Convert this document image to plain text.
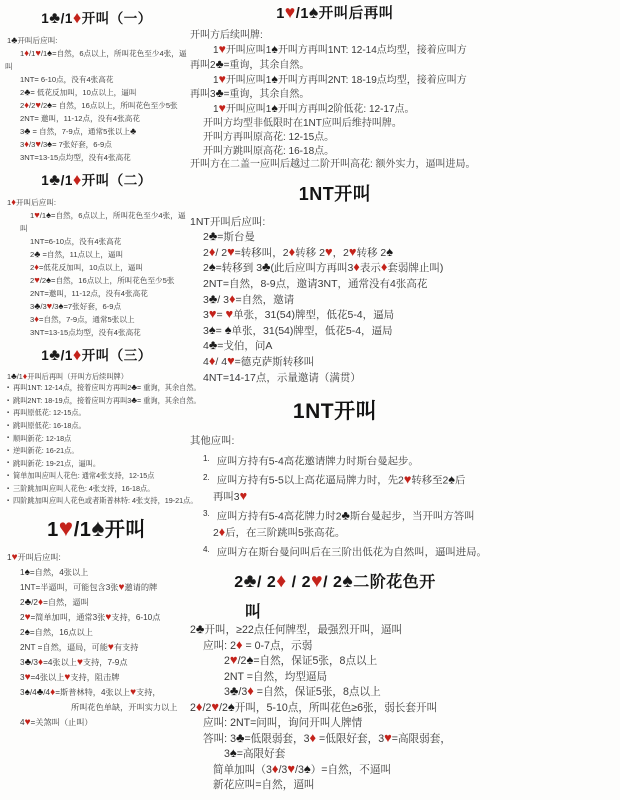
1♣/1♦开叫（一）
1♣开叫后应叫:
1♦/1♥/1♠=自然，6点以上，所叫花色至少4张，逼
叫
1NT= 6-10点，没有4张高花
2♣= 低花反加叫，10点以上，逼叫
2♦/2♥/2♠= 自然，16点以上，所叫花色至少5张
2NT= 邀叫，11-12点，没有4张高花
3♣ = 自然，7-9点，通常5张以上♣
3♦/3♥/3♠= 7张好套，6-9点
3NT=13-15点均型，没有4张高花
1♣/1♦开叫（二）
1♦开叫后应叫:
1♥/1♠=自然，6点以上，所叫花色至少4张，逼
叫
1NT=6-10点，没有4张高花
2♣ =自然，11点以上，逼叫
2♦=低花反加叫，10点以上，逼叫
2♥/2♠=自然，16点以上，所叫花色至少5张
2NT=邀叫，11-12点，没有4张高花
3♣/3♥/3♠=7张好套，6-9点
3♦=自然，7-9点，通常5张以上
3NT=13-15点均型，没有4张高花
1♣/1♦开叫（三）
1♣/1♦开叫后再叫（开叫方后续叫牌）
▪ 再叫1NT: 12-14点，接着应叫方再叫2♣= 重询，其余自然。
▪ 跳叫2NT: 18-19点，接着应叫方再叫3♣= 重询，其余自然。
▪ 再叫原低花: 12-15点。
▪ 跳叫原低花: 16-18点。
▪ 顺叫新花: 12-18点
▪ 逆叫新花: 16-21点。
▪ 跳叫新花: 19-21点，逼叫。
▪ 简单加叫应叫人花色: 通常4张支持，12-15点
▪ 三阶跳加叫应叫人花色: 4张支持，16-18点。
▪ 四阶跳加叫应叫人花色或者斯普林特: 4张支持，19-21点。
1♥/1♠开叫
1♥开叫后应叫:
1♠=自然，4张以上
1NT=半逼叫，可能包含3张♥邀请的牌
2♣/2♦=自然，逼叫
2♥=简单加叫，通常3张♥支持，6-10点
2♠=自然，16点以上
2NT =自然，逼局，可能♥有支持
3♣/3♦=4张以上♥支持，7-9点
3♥=4张以上♥支持，阻击牌
3♠/4♣/4♦=斯普林特，4张以上♥支持，
所叫花色单缺，开叫实力以上
4♥=关煞叫（止叫）
1♥/1♠开叫后再叫
开叫方后续叫牌:
1♥开叫应叫1♠开叫方再叫1NT: 12-14点均型，接着应叫方
再叫2♣=重询，其余自然。
1♥开叫应叫1♠开叫方再叫2NT: 18-19点均型，接着应叫方
再叫3♣=重询，其余自然。
1♥开叫应叫1♠开叫方再叫2阶低花: 12-17点。
开叫方均型非低限时在1NT应叫后维持叫牌。
开叫方再叫原高花: 12-15点。
开叫方跳叫原高花: 16-18点。
开叫方在二盖一应叫后越过二阶开叫高花: 额外实力，逼叫进局。
1NT开叫
1NT开叫后应叫:
2♣=斯台曼
2♦/ 2♥=转移叫，2♦转移 2♥，2♥转移 2♠
2♠=转移到 3♣(此后应叫方再叫3♦表示♦套弱牌止叫)
2NT=自然，8-9点，邀请3NT，通常没有4张高花
3♣/ 3♦=自然，邀请
3♥= ♥单张，31(54)牌型，低花5-4，逼局
3♠= ♠单张，31(54)牌型，低花5-4，逼局
4♣=戈伯，问A
4♦/ 4♥=德克萨斯转移叫
4NT=14-17点，示量邀请（满贯）
1NT开叫
其他应叫:
1. 应叫方持有5-4高花邀请牌力时斯台曼起步。
2. 应叫方持有5-5以上高花逼局牌力时，先2♥转移至2♠后
再叫3♥
3. 应叫方持有5-4高花牌力时2♣斯台曼起步，当开叫方答叫
2♦后，在三阶跳叫5张高花。
4. 应叫方在斯台曼问叫后在三阶出低花为自然叫，逼叫进局。
2♣/ 2♦ / 2♥/ 2♠二阶花色开
叫
2♣开叫，≥22点任何牌型，最强烈开叫，逼叫
应叫: 2♦ = 0-7点，示弱
2♥/2♠=自然，保证5张，8点以上
2NT =自然，均型逼局
3♣/3♦ =自然，保证5张，8点以上
2♦/2♥/2♠开叫，5-10点，所叫花色≥6张，弱长套开叫
应叫: 2NT=问叫，询问开叫人牌情
答叫: 3♣=低限弱套，3♦ =低限好套，3♥=高限弱套，
3♠=高限好套
简单加叫（3♦/3♥/3♠）=自然，不逼叫
新花应叫=自然，逼叫
